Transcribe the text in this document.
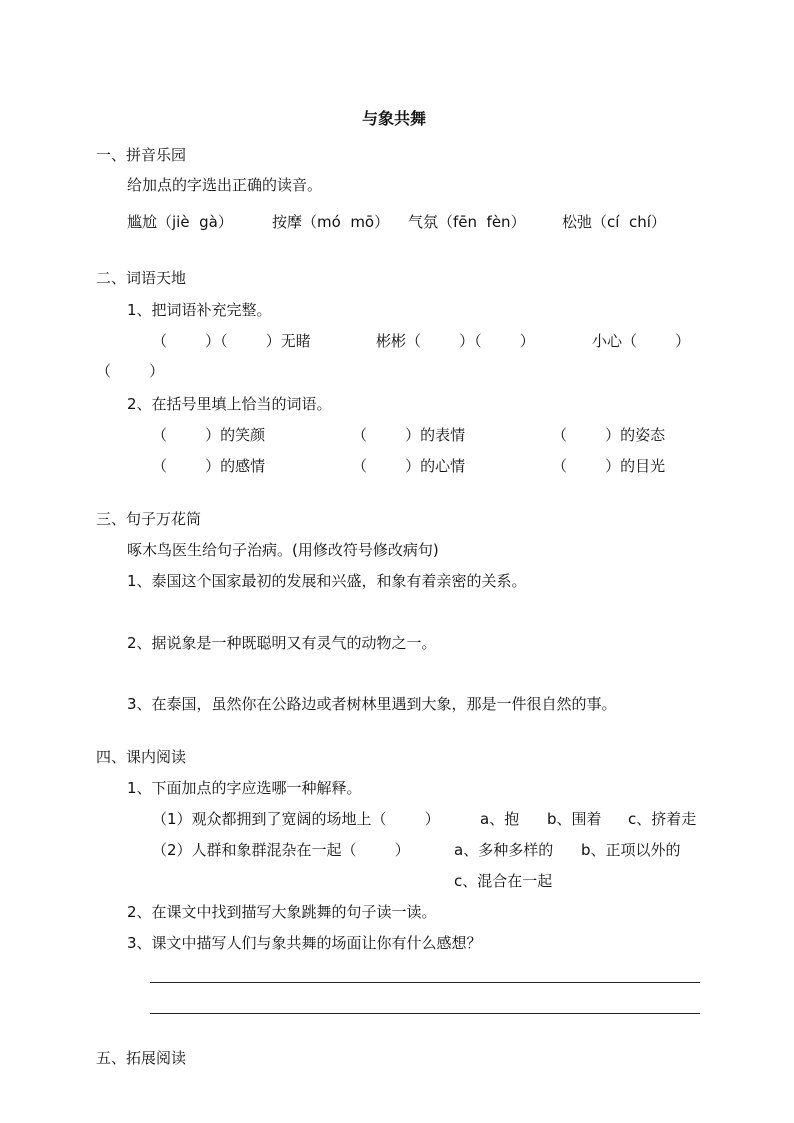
与象共舞
一、拼音乐园
给加点的字选出正确的读音。
尴尬（jiè  gà）	按摩（mó  mō） 气氛（fēn  fèn） 松弛（cí  chí）
二、词语天地
1、把词语补充完整。
（        ）（        ）无睹	彬彬（        ）（        ）	小心（        ）
（        ）
2、在括号里填上恰当的词语。
（        ）的笑颜	（        ）的表情	（        ）的姿态
（        ）的感情	（        ）的心情	（        ）的目光
三、句子万花筒
啄木鸟医生给句子治病。(用修改符号修改病句)
1、泰国这个国家最初的发展和兴盛，和象有着亲密的关系。
2、据说象是一种既聪明又有灵气的动物之一。
3、在泰国，虽然你在公路边或者树林里遇到大象，那是一件很自然的事。
四、课内阅读
1、下面加点的字应选哪一种解释。
（1）观众都拥到了宽阔的场地上（        ）	a、抱 b、围着 c、挤着走
（2）人群和象群混杂在一起（        ）	a、多种多样的 b、正项以外的
c、混合在一起
2、在课文中找到描写大象跳舞的句子读一读。
3、课文中描写人们与象共舞的场面让你有什么感想？
五、拓展阅读
